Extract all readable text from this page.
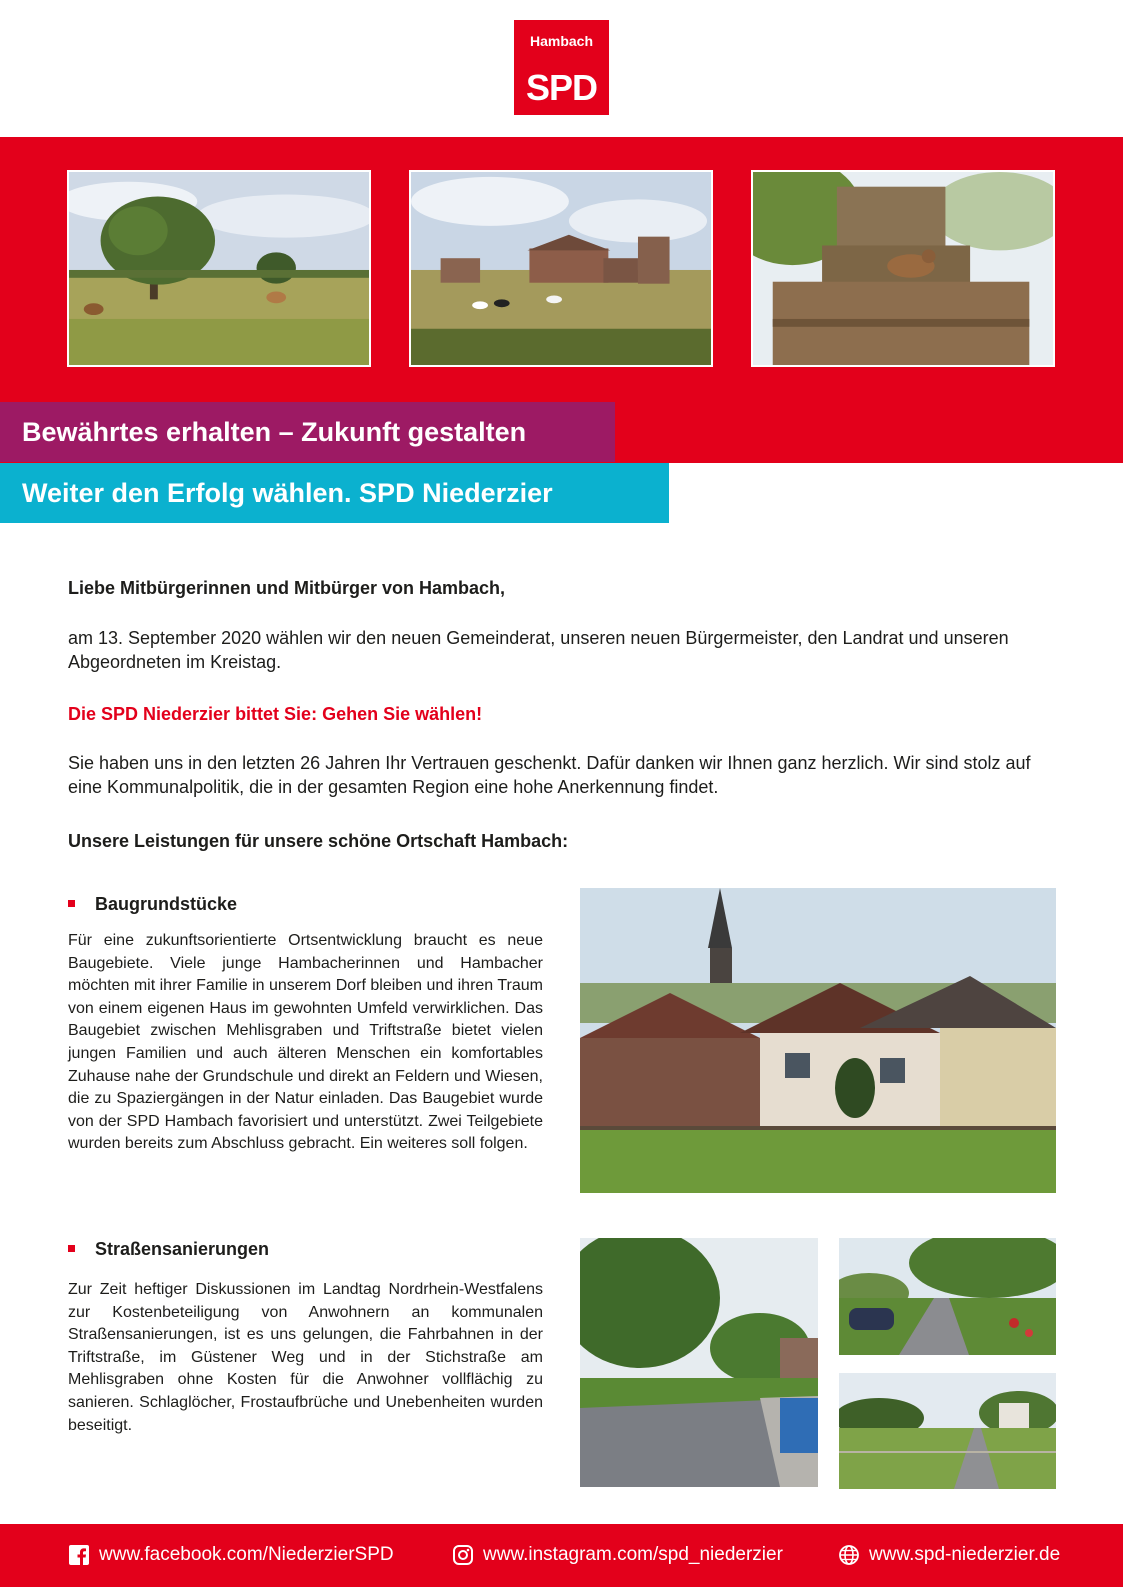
Hambach
SPD
Bewährtes erhalten – Zukunft gestalten
Weiter den Erfolg wählen. SPD Niederzier
Liebe Mitbürgerinnen und Mitbürger von Hambach,
am 13. September 2020 wählen wir den neuen Gemeinderat, unseren neuen Bürgermeister, den Landrat und unseren Abgeordneten im Kreistag.
Die SPD Niederzier bittet Sie: Gehen Sie wählen!
Sie haben uns in den letzten 26 Jahren Ihr Vertrauen geschenkt. Dafür danken wir Ihnen ganz herzlich. Wir sind stolz auf eine Kommunalpolitik, die in der gesamten Region eine hohe Anerkennung findet.
Unsere Leistungen für unsere schöne Ortschaft Hambach:
Baugrundstücke
Für eine zukunftsorientierte Ortsentwicklung braucht es neue Baugebiete. Viele junge Hambacherinnen und Hambacher möchten mit ihrer Familie in unserem Dorf bleiben und ihren Traum von einem eigenen Haus im gewohnten Umfeld verwirklichen. Das Baugebiet zwischen Mehlisgraben und Triftstraße bietet vielen jungen Familien und auch älteren Menschen ein komfortables Zuhause nahe der Grundschule und direkt an Feldern und Wiesen, die zu Spaziergängen in der Natur einladen. Das Baugebiet wurde von der SPD Hambach favorisiert und unterstützt. Zwei Teilgebiete wurden bereits zum Abschluss gebracht. Ein weiteres soll folgen.
Straßensanierungen
Zur Zeit heftiger Diskussionen im Landtag Nordrhein-Westfalens zur Kostenbeteiligung von Anwohnern an kommunalen Straßensanierungen, ist es uns gelungen, die Fahrbahnen in der Triftstraße, im Güstener Weg und in der Stichstraße am Mehlisgraben ohne Kosten für die Anwohner vollflächig zu sanieren. Schlaglöcher, Frostaufbrüche und Unebenheiten wurden beseitigt.
www.facebook.com/NiederzierSPD	www.instagram.com/spd_niederzier	www.spd-niederzier.de
